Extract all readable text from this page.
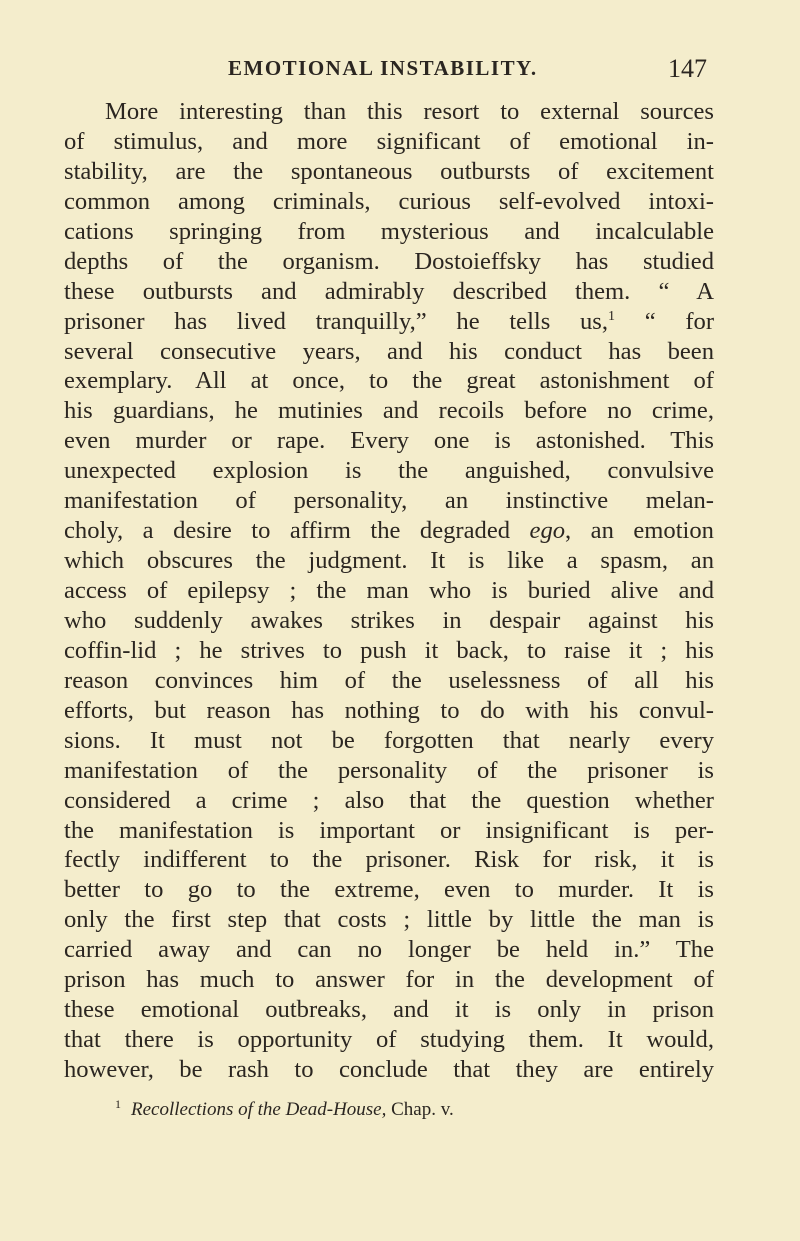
EMOTIONAL INSTABILITY.	147
More interesting than this resort to external sources
of stimulus, and more significant of emotional in-
stability, are the spontaneous outbursts of excitement
common among criminals, curious self-evolved intoxi-
cations springing from mysterious and incalculable
depths of the organism. Dostoieffsky has studied
these outbursts and admirably described them. “ A
prisoner has lived tranquilly,” he tells us,$^1$ “ for
several consecutive years, and his conduct has been
exemplary. All at once, to the great astonishment of
his guardians, he mutinies and recoils before no crime,
even murder or rape. Every one is astonished. This
unexpected explosion is the anguished, convulsive
manifestation of personality, an instinctive melan-
choly, a desire to affirm the degraded ego, an emotion
which obscures the judgment. It is like a spasm, an
access of epilepsy ; the man who is buried alive and
who suddenly awakes strikes in despair against his
coffin-lid ; he strives to push it back, to raise it ; his
reason convinces him of the uselessness of all his
efforts, but reason has nothing to do with his convul-
sions. It must not be forgotten that nearly every
manifestation of the personality of the prisoner is
considered a crime ; also that the question whether
the manifestation is important or insignificant is per-
fectly indifferent to the prisoner. Risk for risk, it is
better to go to the extreme, even to murder. It is
only the first step that costs ; little by little the man is
carried away and can no longer be held in.” The
prison has much to answer for in the development of
these emotional outbreaks, and it is only in prison
that there is opportunity of studying them. It would,
however, be rash to conclude that they are entirely
$^1$ Recollections of the Dead-House, Chap. v.
